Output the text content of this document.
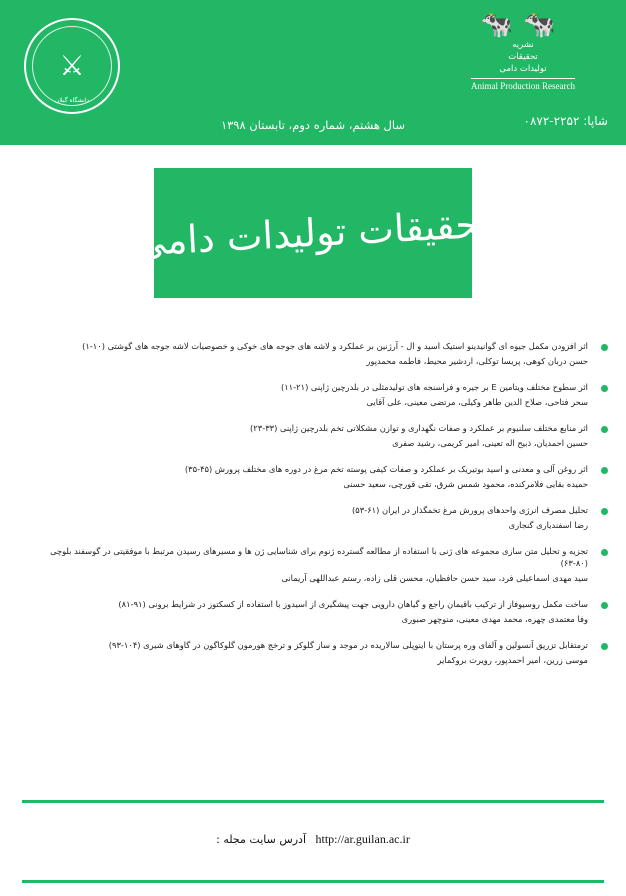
⚔
دانشگاه گیلان
🐄🐄
نشریه
تحقیقات
تولیدات دامی
Animal Production Research
سال هشتم، شماره دوم، تابستان ۱۳۹۸	شاپا: ۲۲۵۲-۰۸۷۲
تحقیقات تولیدات دامی
اثر افزودن مکمل جیوه ای گوانیدینو استیک اسید و ال - آرژنین بر عملکرد و لاشه های جوجه های خوکی و خصوصیات لاشه جوجه های گوشتی (۱۰-۱)
حسن دربان کوهی، پریسا توکلی، اردشیر محیط، فاطمه محمدپور
اثر سطوح مختلف ویتامین E بر جیره و فراسنجه های تولیدمثلی در بلدرچین ژاپنی (۲۱-۱۱)
سحر فتاحی، صلاح الدین طاهر وکیلی، مرتضی معینی، علی آقایی
اثر منابع مختلف سلنیوم بر عملکرد و صفات نگهداری و توازن مشکلاتی تخم بلدرچین ژاپنی (۳۳-۲۳)
حسین احمدیان، ذبیح اله تعینی، امیر کریمی، رشید صفری
اثر روغن آلی و معدنی و اسید بوتیریک بر عملکرد و صفات کیفی پوسته تخم مرغ در دوره های مختلف پرورش (۴۵-۳۵)
حمیده بقایی فلامرکنده، محمود شمس شرق، تقی قورچی، سعید حسنی
تحلیل مصرف انرژی واحدهای پرورش مرغ تخمگذار در ایران (۶۱-۵۳)
رضا اسفندیاری گنجاری
تجزیه و تحلیل متن سازی مجموعه های ژنی با استفاده از مطالعه گسترده ژنوم برای شناسایی ژن ها و مسیرهای رسیدن مرتبط با موفقیتی در گوسفند بلوچی (۸۰-۶۳)
سید مهدی اسماعیلی فرد، سید حسن حافظیان، محسن قلی زاده، رستم عبداللهی آریمانی
ساخت مکمل روسیوفاز از ترکیب باقیمان راجع و گیاهان دارویی جهت پیشگیری از اسیدوز با استفاده از کسکتوز در شرایط برونی (۹۱-۸۱)
وفا معتمدی چهره، محمد مهدی معینی، منوچهر صبوری
ترمتقابل تزریق آنسولین و آلفای وره پرستان با اینوپلی سالاریده در موجد و ساز گلوکز و ترخج هورمون گلوکاگون در گاوهای شیری (۱۰۴-۹۳)
موسی زرین، امیر احمدپور، رویرت بروکمایر
http://ar.guilan.ac.ir آدرس سایت مجله :
